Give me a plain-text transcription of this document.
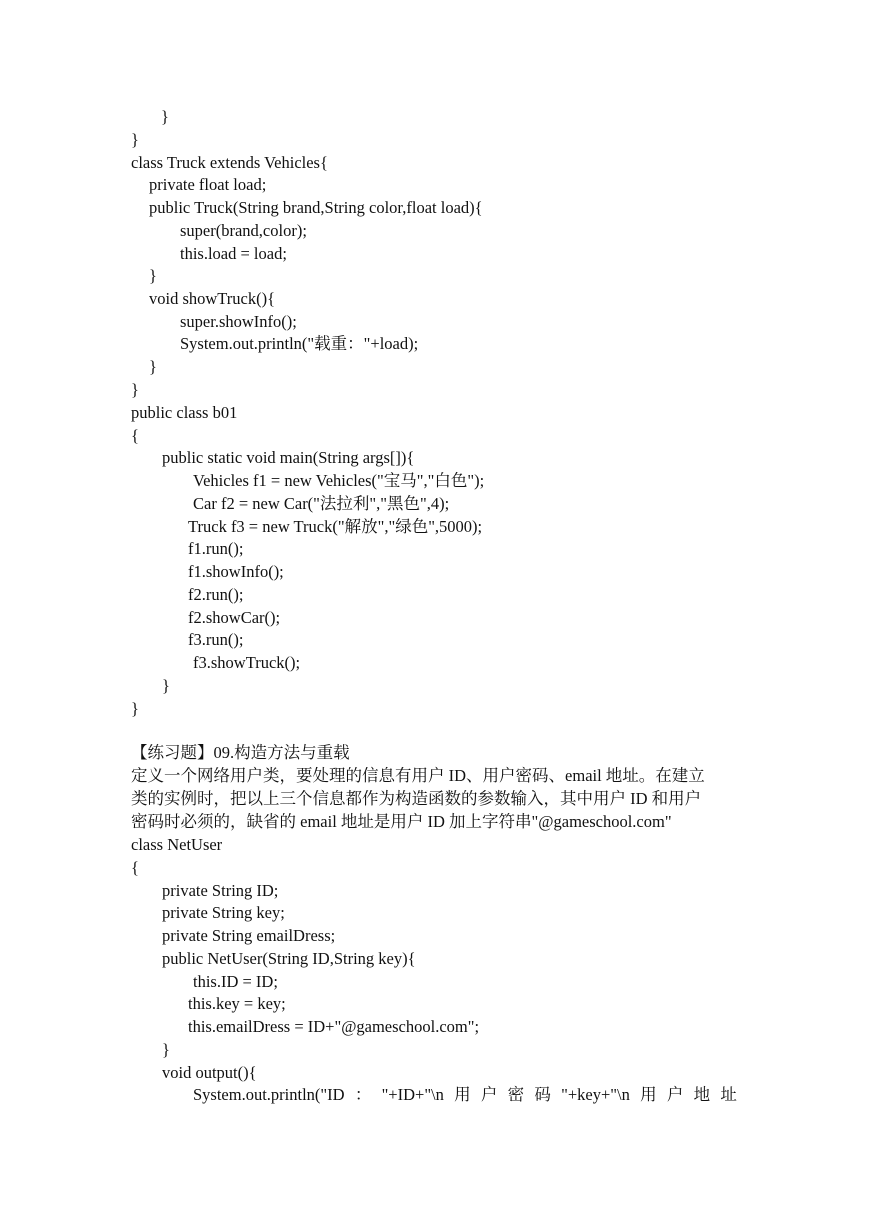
}
}
class Truck extends Vehicles{
private float load;
public Truck(String brand,String color,float load){
super(brand,color);
this.load = load;
}
void showTruck(){
super.showInfo();
System.out.println("载重："+load);
}
}
public class b01
{
public static void main(String args[]){
Vehicles f1 = new Vehicles("宝马","白色");
Car f2 = new Car("法拉利","黑色",4);
Truck f3 = new Truck("解放","绿色",5000);
f1.run();
f1.showInfo();
f2.run();
f2.showCar();
f3.run();
f3.showTruck();
}
}
【练习题】09.构造方法与重载
定义一个网络用户类，要处理的信息有用户 ID、用户密码、email 地址。在建立
类的实例时，把以上三个信息都作为构造函数的参数输入，其中用户 ID 和用户
密码时必须的，缺省的 email 地址是用户 ID 加上字符串"@gameschool.com"
class NetUser
{
private String ID;
private String key;
private String emailDress;
public NetUser(String ID,String key){
this.ID = ID;
this.key = key;
this.emailDress = ID+"@gameschool.com";
}
void output(){
System.out.println("ID ： "+ID+"\n 用 户 密 码 "+key+"\n 用 户 地 址
